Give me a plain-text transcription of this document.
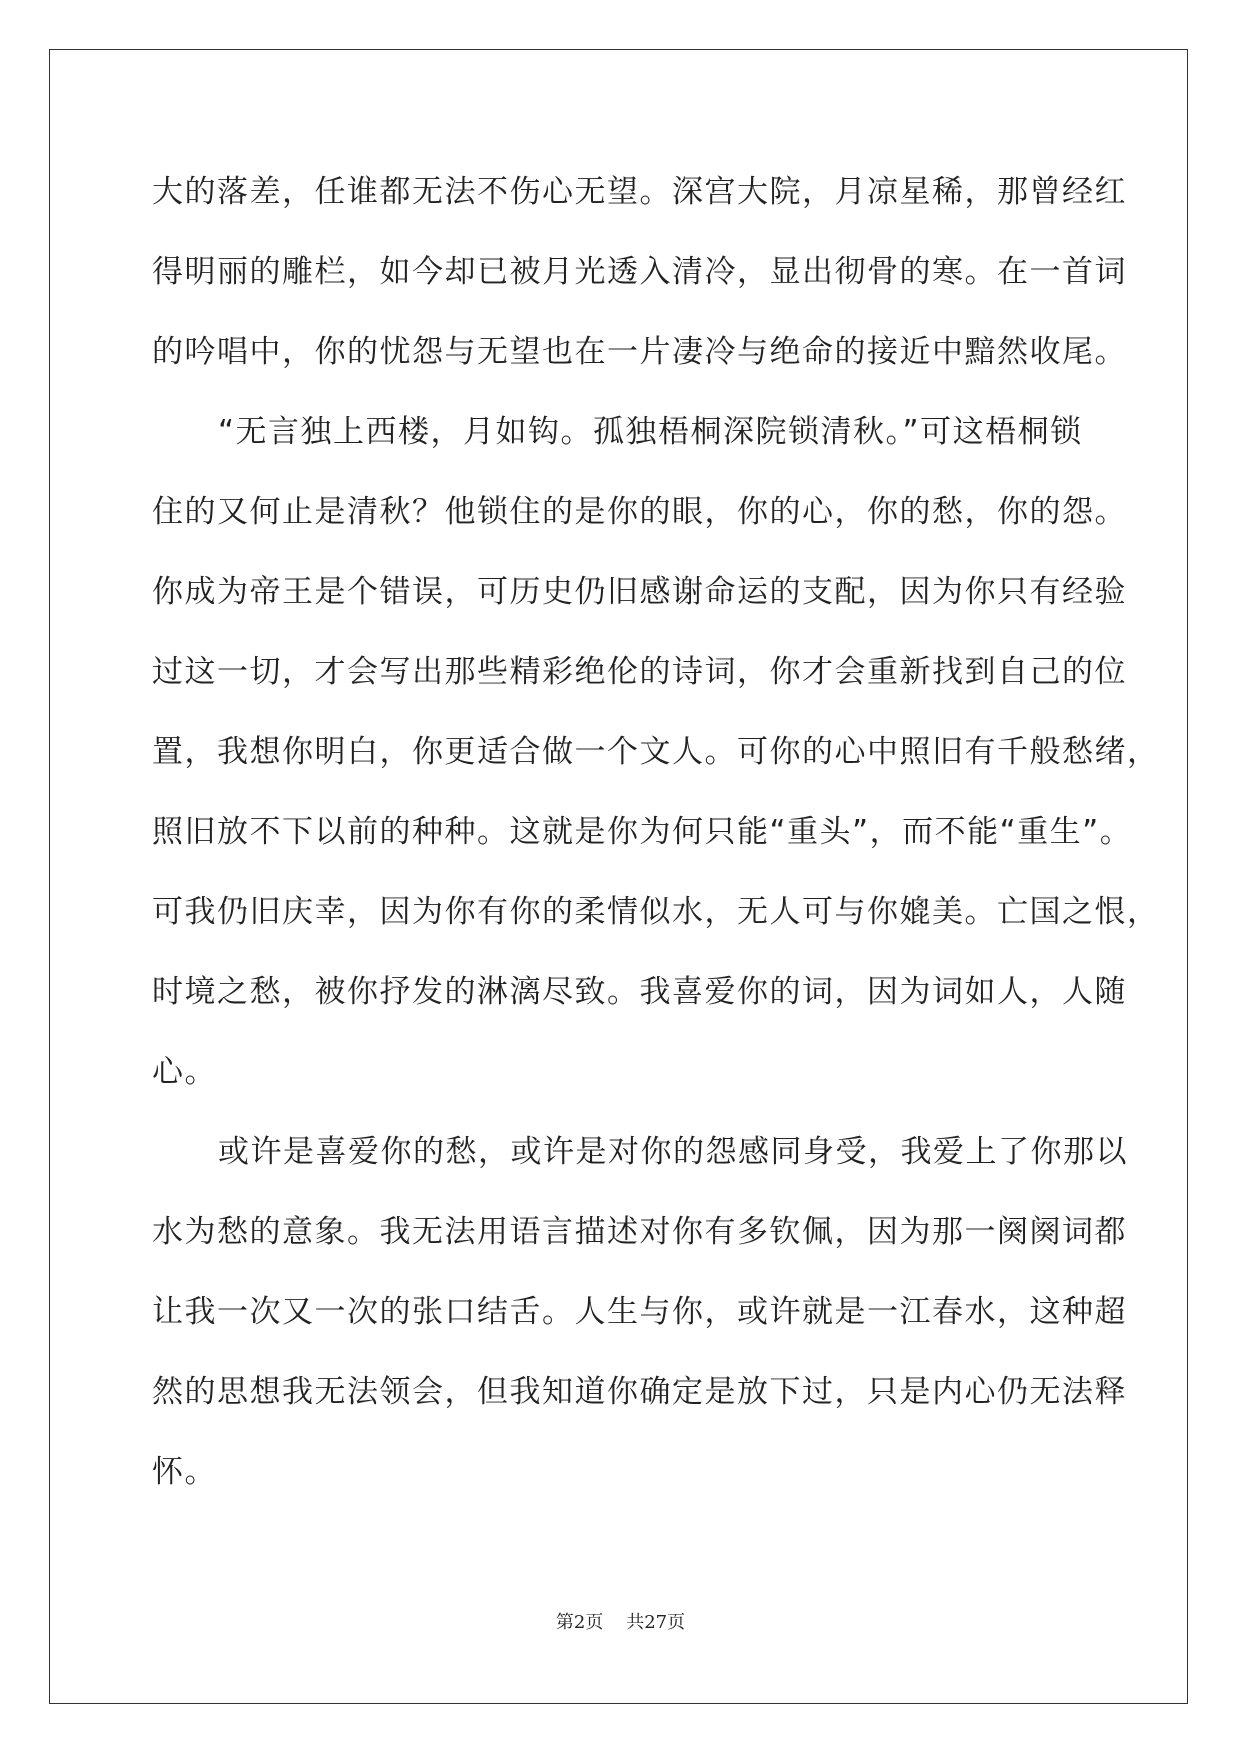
大的落差，任谁都无法不伤心无望。深宫大院，月凉星稀，那曾经红
得明丽的雕栏，如今却已被月光透入清冷，显出彻骨的寒。在一首词
的吟唱中，你的忧怨与无望也在一片凄冷与绝命的接近中黯然收尾。
“无言独上西楼，月如钩。孤独梧桐深院锁清秋。”可这梧桐锁
住的又何止是清秋？他锁住的是你的眼，你的心，你的愁，你的怨。
你成为帝王是个错误，可历史仍旧感谢命运的支配，因为你只有经验
过这一切，才会写出那些精彩绝伦的诗词，你才会重新找到自己的位
置，我想你明白，你更适合做一个文人。可你的心中照旧有千般愁绪，
照旧放不下以前的种种。这就是你为何只能“重头”，而不能“重生”。
可我仍旧庆幸，因为你有你的柔情似水，无人可与你媲美。亡国之恨，
时境之愁，被你抒发的淋漓尽致。我喜爱你的词，因为词如人，人随
心。
或许是喜爱你的愁，或许是对你的怨感同身受，我爱上了你那以
水为愁的意象。我无法用语言描述对你有多钦佩，因为那一阕阕词都
让我一次又一次的张口结舌。人生与你，或许就是一江春水，这种超
然的思想我无法领会，但我知道你确定是放下过，只是内心仍无法释
怀。
第2页    共27页
